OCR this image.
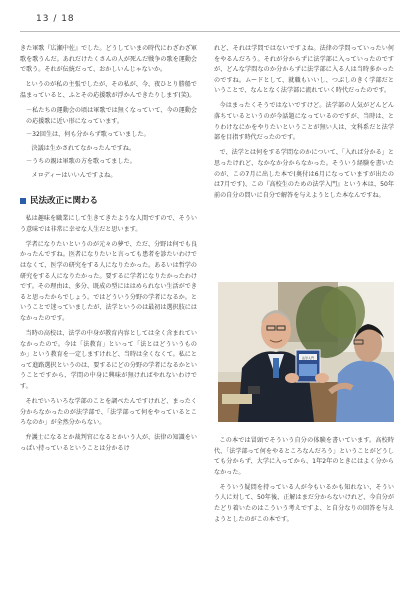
13 / 18

きた軍歌『広瀬中佐』でした。どうしていまの時代にわざわざ軍歌を歌うんだ。あれだけたくさんの人が死んだ戦争の歌を運動会で歌う。それが伝統だって、おかしいんじゃないか。

というのが私の主張でしたが、その私が、今、夜ひとり勝船で温まっていると、ふとその応援歌が浮かんできたりします(笑)。

－私たちの運動会の頃は軍歌では無くなっていて、今の運動会の応援歌に近い形になっています。

－32回生は、何も分からず歌っていました。

決議は生かされてなかったんですね。

－うちの親は軍歌の方を歌ってました。

メロディーはいいんですよね。

民法改正に関わる

私は趣味を職業にして生きてきたような人間ですので、そういう意味では非常に幸せな人生だと思います。

学者になりたいというのが元々の夢で、ただ、分野は何でも良かったんですね。医者になりたいと言っても患者を診たいわけではなくて、医学の研究をする人になりたかった。あるいは哲学の研究をする人になりたかった。要するに学者になりたかったわけです。その理由は、多分、既成の型にははめられない生活ができると思ったからでしょう。ではどういう分野の学者になるか。ということで迷っていましたが、法学というのは最初は選択肢にはなかったのです。

当時の高校は、法学の中身が教育内容としては全く含まれていなかったので。今は「法教育」といって「法とはどういうものか」という教育を一定しますけれど、当時は全くなくて。私にとって進路選択というのは、要するにどの分野の学者になるかということですから、学問の中身に興味が無ければやれないわけです。

それでいろいろな学部のことを調べたんですけれど、まったく分からなかったのが法学部で、「法学部って何をやっているところなのか」が全然分からない。

弁護士になるとか裁判官になるとかいう人が、法律の知識をいっぱい持っているということは分かるけ

れど、それは学問ではないですよね。法律の学問っていったい何をやるんだろう。それが分からずに法学部に入っていったのですが、どんな学問なのか分からずに法学部に入る人は当時多かったのですね。ムードとして、就職もいいし、つぶしのきく学部だということで、なんとなく法学部に流れていく時代だったのです。

今はまったくそうではないですけど。法学部の人気がどんどん落ちているというのが今話題になっているのですが、当時は、とりわけなにかをやりたいということが無い人は、文科系だと法学部を目指す時代だったのです。

で、法学とは何をする学問なのかについて、「入れば分かる」と思ったけれど、なかなか分からなかった。そういう経験を書いたのが、この7月に出した本で(奥付は6月になっていますが出たのは7月です)、この『高校生のための法学入門』という本は、50年前の自分の問いに自分で解答を与えようとした本なんですね。

法学入門

この本では冒頭でそういう自分の体験を書いています。高校時代、「法学部って何をやるところなんだろう」ということがどうしても分からず、大学に入ってから、1年2年のときにはよく分からなかった。

そういう疑問を持っている人が今もいるかも知れない、そういう人に対して、50年後、正解はまだ分からないけれど、今自分がたどり着いたのはこういう考えですよ、と自分なりの回答を与えようとしたのがこの本です。
